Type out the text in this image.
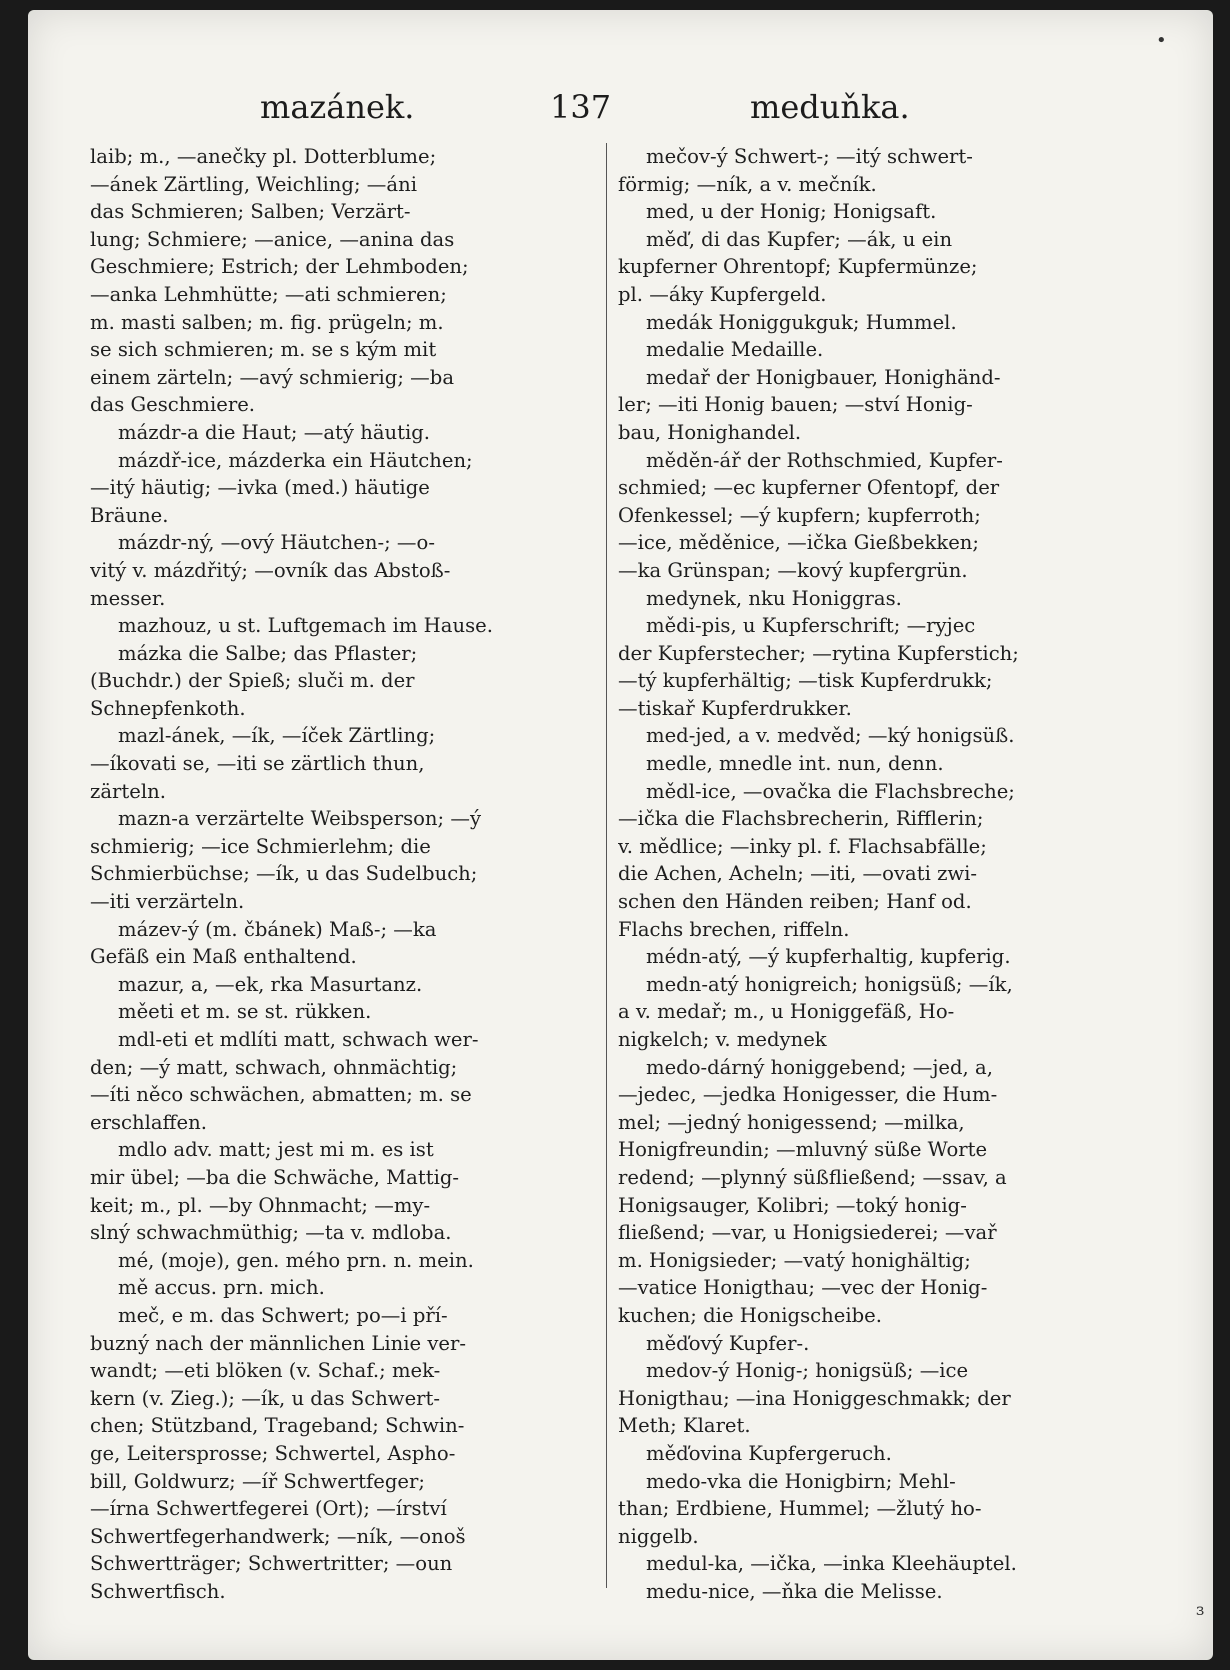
•
mazánek.	137	meduňka.
laib; m., —anečky pl. Dotterblume;
—ánek Zärtling, Weichling; —áni
das Schmieren; Salben; Verzärt-
lung; Schmiere; —anice, —anina das
Geschmiere; Estrich; der Lehmboden;
—anka Lehmhütte; —ati schmieren;
m. masti salben; m. fig. prügeln; m.
se sich schmieren; m. se s kým mit
einem zärteln; —avý schmierig; —ba
das Geschmiere.
mázdr-a die Haut; —atý häutig.
mázdř-ice, mázderka ein Häutchen;
—itý häutig; —ivka (med.) häutige
Bräune.
mázdr-ný, —ový Häutchen-; —o-
vitý v. mázdřitý; —ovník das Abstoß-
messer.
mazhouz, u st. Luftgemach im Hause.
mázka die Salbe; das Pflaster;
(Buchdr.) der Spieß; sluči m. der
Schnepfenkoth.
mazl-ánek, —ík, —íček Zärtling;
—íkovati se, —iti se zärtlich thun,
zärteln.
mazn-a verzärtelte Weibsperson; —ý
schmierig; —ice Schmierlehm; die
Schmierbüchse; —ík, u das Sudelbuch;
—iti verzärteln.
mázev-ý (m. čbánek) Maß-; —ka
Gefäß ein Maß enthaltend.
mazur, a, —ek, rka Masurtanz.
měeti et m. se st. rükken.
mdl-eti et mdlíti matt, schwach wer-
den; —ý matt, schwach, ohnmächtig;
—íti něco schwächen, abmatten; m. se
erschlaffen.
mdlo adv. matt; jest mi m. es ist
mir übel; —ba die Schwäche, Mattig-
keit; m., pl. —by Ohnmacht; —my-
slný schwachmüthig; —ta v. mdloba.
mé, (moje), gen. mého prn. n. mein.
mě accus. prn. mich.
meč, e m. das Schwert; po—i pří-
buzný nach der männlichen Linie ver-
wandt; —eti blöken (v. Schaf.; mek-
kern (v. Zieg.); —ík, u das Schwert-
chen; Stützband, Trageband; Schwin-
ge, Leitersprosse; Schwertel, Aspho-
bill, Goldwurz; —íř Schwertfeger;
—írna Schwertfegerei (Ort); —írství
Schwertfegerhandwerk; —ník, —onoš
Schwertträger; Schwertritter; —oun
Schwertfisch.
mečov-ý Schwert-; —itý schwert-
förmig; —ník, a v. mečník.
med, u der Honig; Honigsaft.
měď, di das Kupfer; —ák, u ein
kupferner Ohrentopf; Kupfermünze;
pl. —áky Kupfergeld.
medák Honiggukguk; Hummel.
medalie Medaille.
medař der Honigbauer, Honighänd-
ler; —iti Honig bauen; —ství Honig-
bau, Honighandel.
měděn-ář der Rothschmied, Kupfer-
schmied; —ec kupferner Ofentopf, der
Ofenkessel; —ý kupfern; kupferroth;
—ice, měděnice, —ička Gießbekken;
—ka Grünspan; —kový kupfergrün.
medynek, nku Honiggras.
mědi-pis, u Kupferschrift; —ryjec
der Kupferstecher; —rytina Kupferstich;
—tý kupferhältig; —tisk Kupferdrukk;
—tiskař Kupferdrukker.
med-jed, a v. medvěd; —ký honigsüß.
medle, mnedle int. nun, denn.
mědl-ice, —ovačka die Flachsbreche;
—ička die Flachsbrecherin, Rifflerin;
v. mědlice; —inky pl. f. Flachsabfälle;
die Achen, Acheln; —iti, —ovati zwi-
schen den Händen reiben; Hanf od.
Flachs brechen, riffeln.
médn-atý, —ý kupferhaltig, kupferig.
medn-atý honigreich; honigsüß; —ík,
a v. medař; m., u Honiggefäß, Ho-
nigkelch; v. medynek
medo-dárný honiggebend; —jed, a,
—jedec, —jedka Honigesser, die Hum-
mel; —jedný honigessend; —milka,
Honigfreundin; —mluvný süße Worte
redend; —plynný süßfließend; —ssav, a
Honigsauger, Kolibri; —toký honig-
fließend; —var, u Honigsiederei; —vař
m. Honigsieder; —vatý honighältig;
—vatice Honigthau; —vec der Honig-
kuchen; die Honigscheibe.
měďový Kupfer-.
medov-ý Honig-; honigsüß; —ice
Honigthau; —ina Honiggeschmakk; der
Meth; Klaret.
měďovina Kupfergeruch.
medo-vka die Honigbirn; Mehl-
than; Erdbiene, Hummel; —žlutý ho-
niggelb.
medul-ka, —ička, —inka Kleehäuptel.
medu-nice, —ňka die Melisse.
ɜ
